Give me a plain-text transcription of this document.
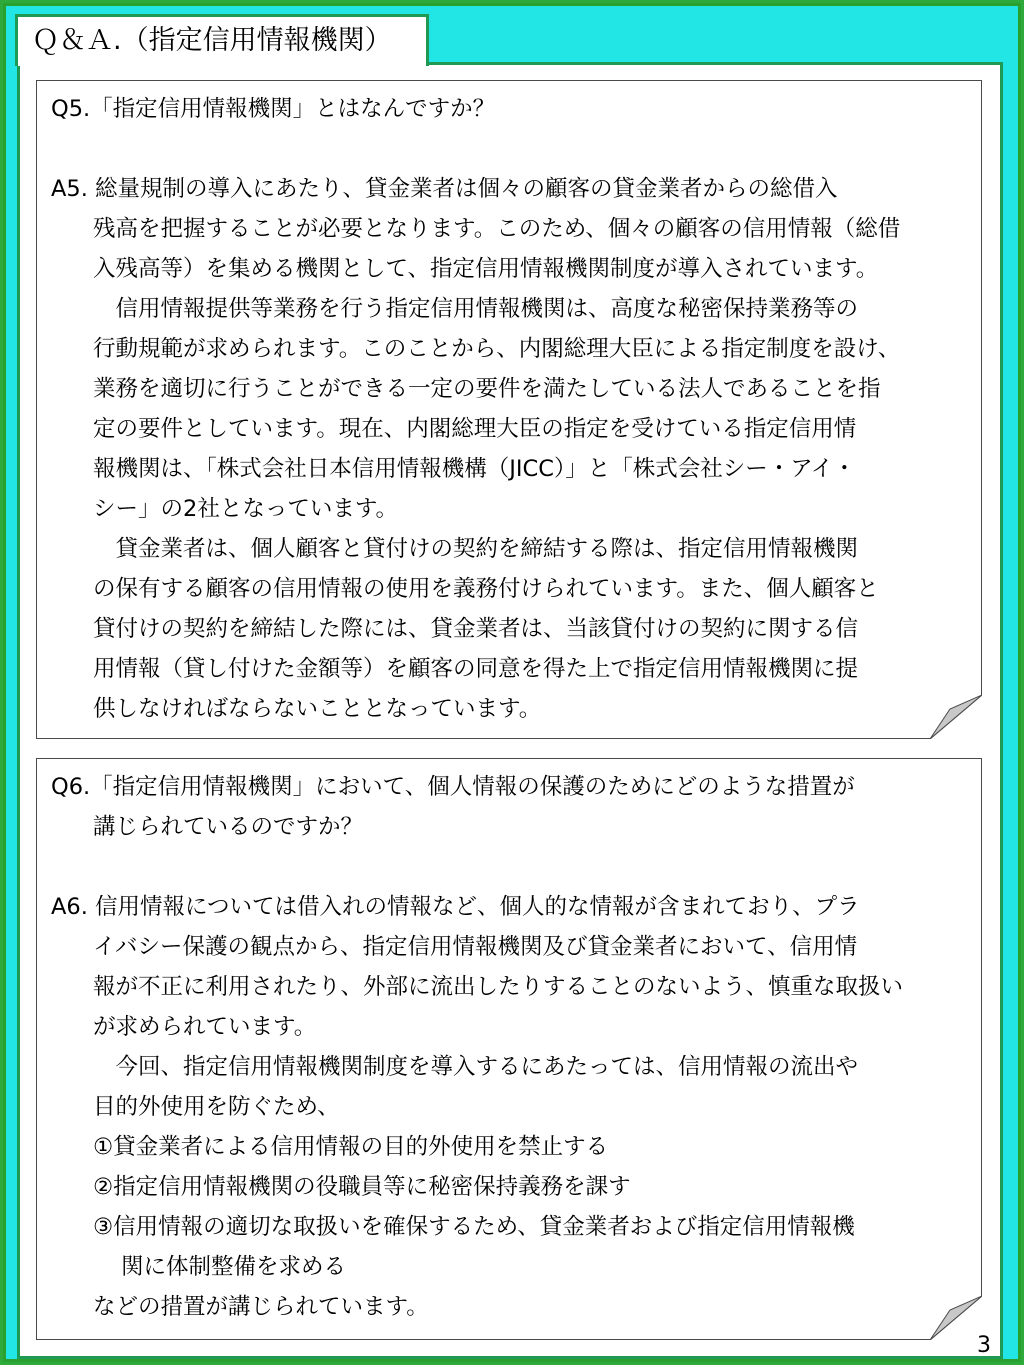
Ｑ＆Ａ.（指定信用情報機関）
Q5.「指定信用情報機関」とはなんですか？
A5. 総量規制の導入にあたり、貸金業者は個々の顧客の貸金業者からの総借入
残高を把握することが必要となります。このため、個々の顧客の信用情報（総借
入残高等）を集める機関として、指定信用情報機関制度が導入されています。
　信用情報提供等業務を行う指定信用情報機関は、高度な秘密保持業務等の
行動規範が求められます。このことから、内閣総理大臣による指定制度を設け、
業務を適切に行うことができる一定の要件を満たしている法人であることを指
定の要件としています。現在、内閣総理大臣の指定を受けている指定信用情
報機関は、「株式会社日本信用情報機構（JICC）」と「株式会社シー・アイ・
シー」の2社となっています。
　貸金業者は、個人顧客と貸付けの契約を締結する際は、指定信用情報機関
の保有する顧客の信用情報の使用を義務付けられています。また、個人顧客と
貸付けの契約を締結した際には、貸金業者は、当該貸付けの契約に関する信
用情報（貸し付けた金額等）を顧客の同意を得た上で指定信用情報機関に提
供しなければならないこととなっています。
Q6.「指定信用情報機関」において、個人情報の保護のためにどのような措置が
講じられているのですか？
A6. 信用情報については借入れの情報など、個人的な情報が含まれており、プラ
イバシー保護の観点から、指定信用情報機関及び貸金業者において、信用情
報が不正に利用されたり、外部に流出したりすることのないよう、慎重な取扱い
が求められています。
　今回、指定信用情報機関制度を導入するにあたっては、信用情報の流出や
目的外使用を防ぐため、
①貸金業者による信用情報の目的外使用を禁止する
②指定信用情報機関の役職員等に秘密保持義務を課す
③信用情報の適切な取扱いを確保するため、貸金業者および指定信用情報機
関に体制整備を求める
などの措置が講じられています。
3
